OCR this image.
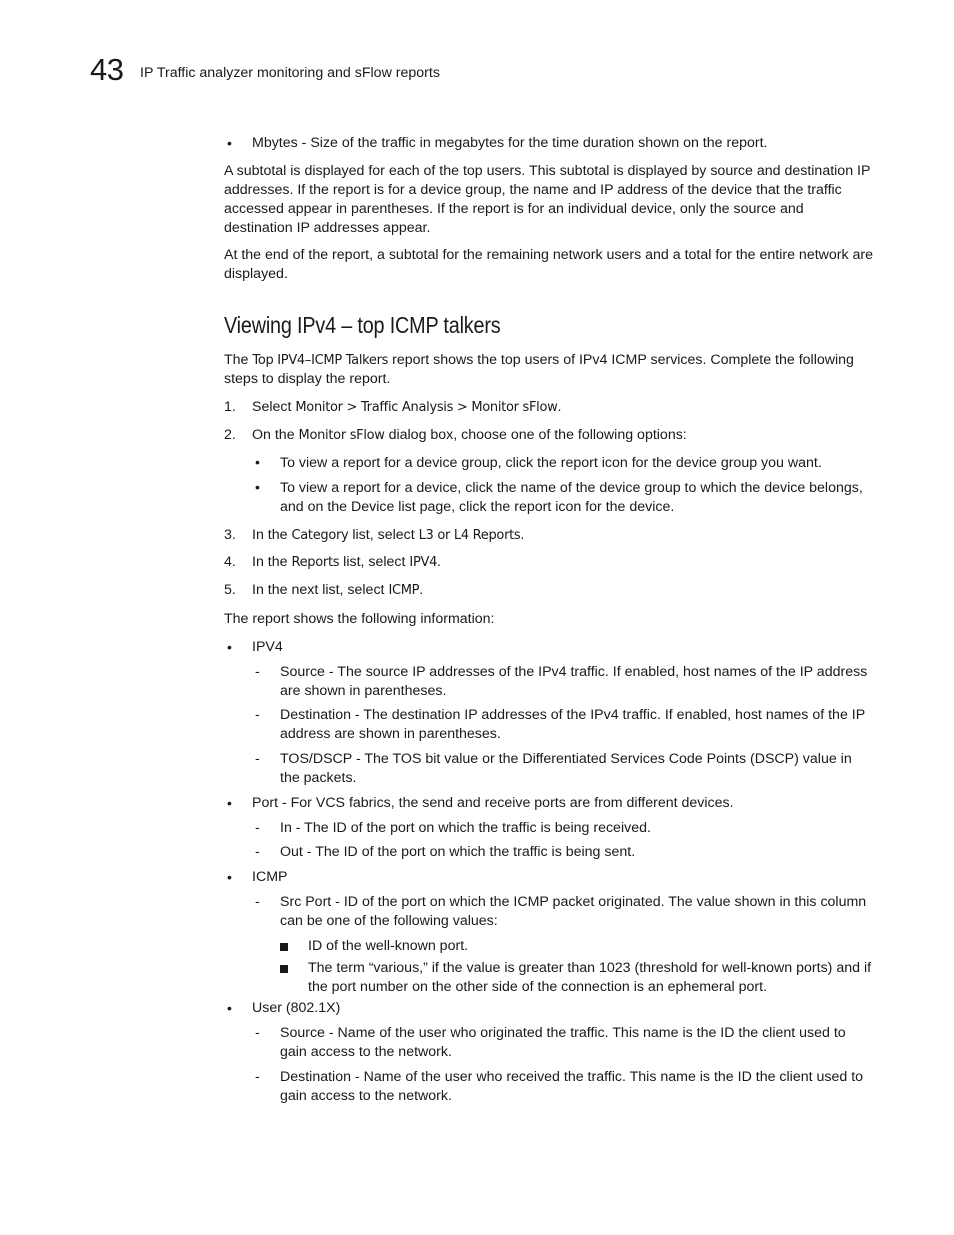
43 IP Traffic analyzer monitoring and sFlow reports
• Mbytes - Size of the traffic in megabytes for the time duration shown on the report.

A subtotal is displayed for each of the top users. This subtotal is displayed by source and destination IP addresses. If the report is for a device group, the name and IP address of the device that the traffic accessed appear in parentheses. If the report is for an individual device, only the source and destination IP addresses appear.

At the end of the report, a subtotal for the remaining network users and a total for the entire network are displayed.

Viewing IPv4 – top ICMP talkers

The Top IPV4–ICMP Talkers report shows the top users of IPv4 ICMP services. Complete the following steps to display the report.

1. Select Monitor > Traffic Analysis > Monitor sFlow.
2. On the Monitor sFlow dialog box, choose one of the following options:
• To view a report for a device group, click the report icon for the device group you want.
• To view a report for a device, click the name of the device group to which the device belongs, and on the Device list page, click the report icon for the device.
3. In the Category list, select L3 or L4 Reports.
4. In the Reports list, select IPV4.
5. In the next list, select ICMP.

The report shows the following information:

• IPV4
- Source - The source IP addresses of the IPv4 traffic. If enabled, host names of the IP address are shown in parentheses.
- Destination - The destination IP addresses of the IPv4 traffic. If enabled, host names of the IP address are shown in parentheses.
- TOS/DSCP - The TOS bit value or the Differentiated Services Code Points (DSCP) value in the packets.
• Port - For VCS fabrics, the send and receive ports are from different devices.
- In - The ID of the port on which the traffic is being received.
- Out - The ID of the port on which the traffic is being sent.
• ICMP
- Src Port - ID of the port on which the ICMP packet originated. The value shown in this column can be one of the following values:
ID of the well-known port.
The term “various,” if the value is greater than 1023 (threshold for well-known ports) and if the port number on the other side of the connection is an ephemeral port.
• User (802.1X)
- Source - Name of the user who originated the traffic. This name is the ID the client used to gain access to the network.
- Destination - Name of the user who received the traffic. This name is the ID the client used to gain access to the network.
